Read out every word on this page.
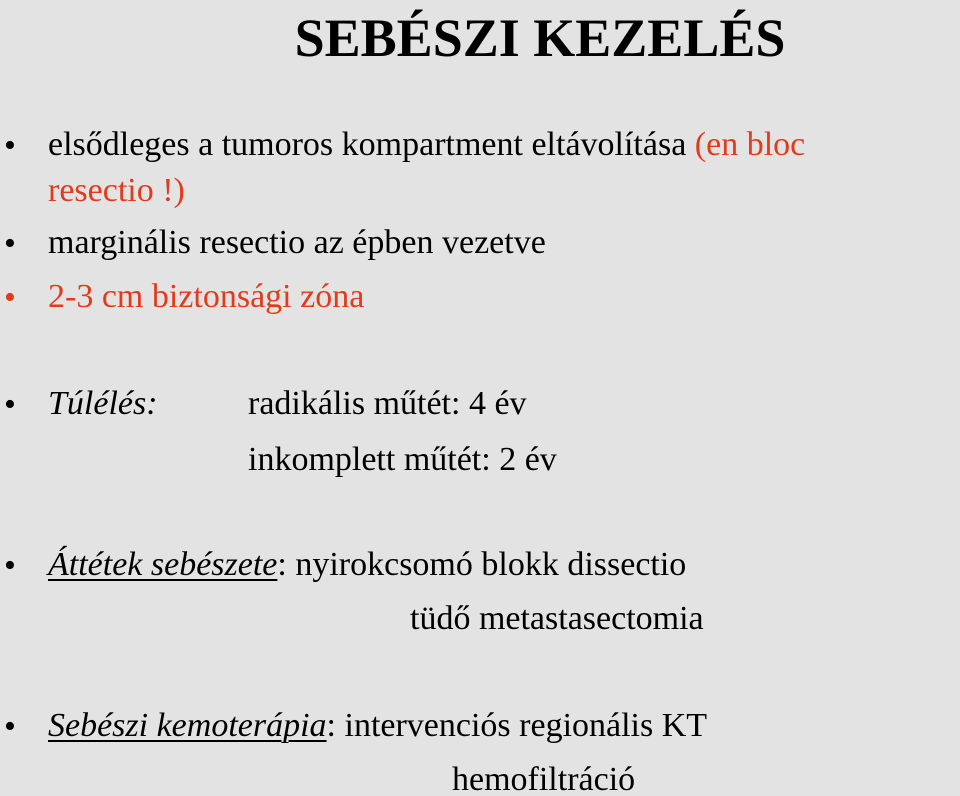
SEBÉSZI KEZELÉS
• elsődleges a tumoros kompartment eltávolítása (en bloc
resectio !)
• marginális resectio az épben vezetve
• 2-3 cm biztonsági zóna
• Túlélés:	radikális műtét: 4 év
inkomplett műtét: 2 év
• Áttétek sebészete: nyirokcsomó blokk dissectio
tüdő metastasectomia
• Sebészi kemoterápia: intervenciós regionális KT
hemofiltráció
